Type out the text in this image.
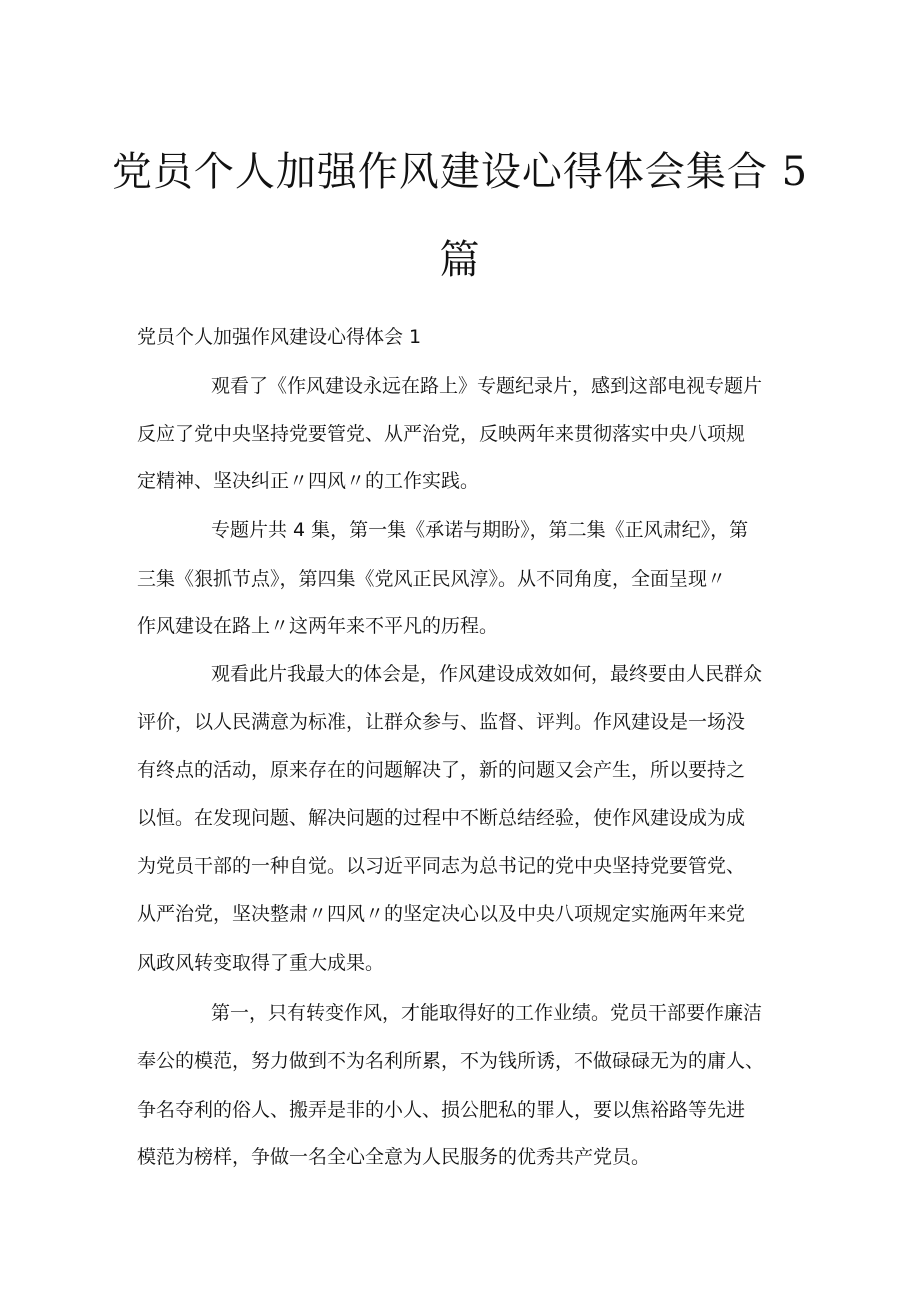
党员个人加强作风建设心得体会集合 5
篇
党员个人加强作风建设心得体会 1
观看了《作风建设永远在路上》专题纪录片，感到这部电视专题片
反应了党中央坚持党要管党、从严治党，反映两年来贯彻落实中央八项规
定精神、坚决纠正〃四风〃的工作实践。
专题片共 4 集，第一集《承诺与期盼》，第二集《正风肃纪》，第
三集《狠抓节点》，第四集《党风正民风淳》。从不同角度，全面呈现〃
作风建设在路上〃这两年来不平凡的历程。
观看此片我最大的体会是，作风建设成效如何，最终要由人民群众
评价，以人民满意为标准，让群众参与、监督、评判。作风建设是一场没
有终点的活动，原来存在的问题解决了，新的问题又会产生，所以要持之
以恒。在发现问题、解决问题的过程中不断总结经验，使作风建设成为成
为党员干部的一种自觉。以习近平同志为总书记的党中央坚持党要管党、
从严治党，坚决整肃〃四风〃的坚定决心以及中央八项规定实施两年来党
风政风转变取得了重大成果。
第一，只有转变作风，才能取得好的工作业绩。党员干部要作廉洁
奉公的模范，努力做到不为名利所累，不为钱所诱，不做碌碌无为的庸人、
争名夺利的俗人、搬弄是非的小人、损公肥私的罪人，要以焦裕路等先进
模范为榜样，争做一名全心全意为人民服务的优秀共产党员。
